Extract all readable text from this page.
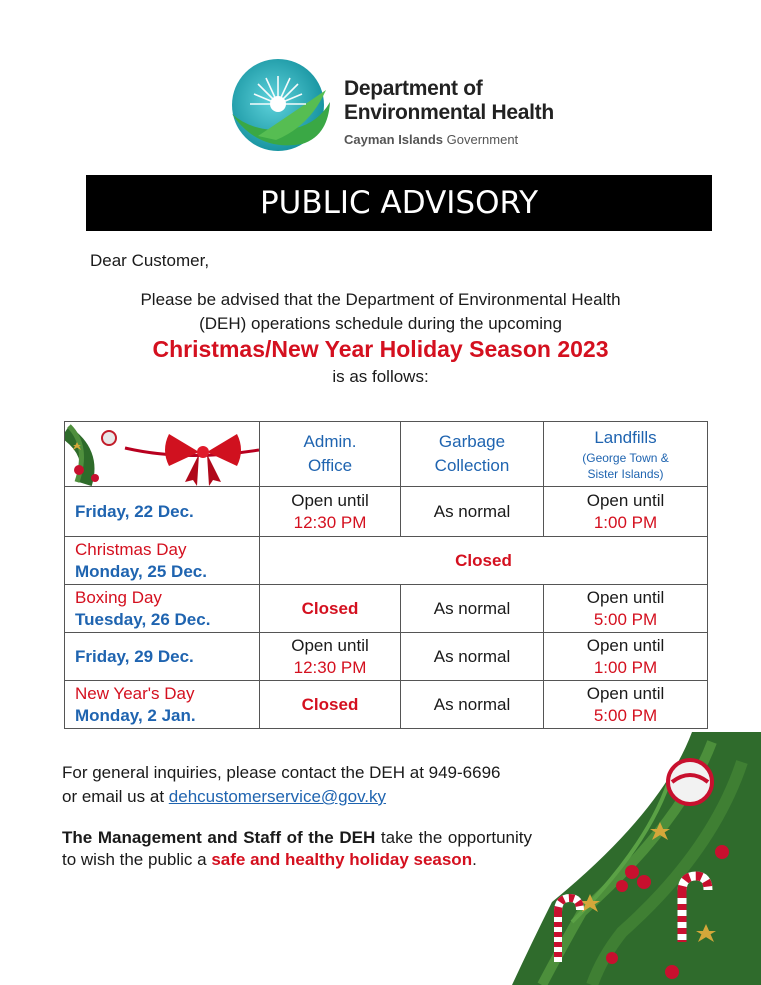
Department of
Environmental Health
Cayman Islands Government
PUBLIC ADVISORY
Dear Customer,
Please be advised that the Department of Environmental Health
(DEH) operations schedule during the upcoming
Christmas/New Year Holiday Season 2023
is as follows:
	Admin.
Office	Garbage
Collection	Landfills
(George Town &
Sister Islands)

Friday, 22 Dec.	Open until
12:30 PM	As normal	Open until
1:00 PM
Christmas Day
Monday, 25 Dec.	Closed		
Boxing Day
Tuesday, 26 Dec.	Closed	As normal	Open until
5:00 PM
Friday, 29 Dec.	Open until
12:30 PM	As normal	Open until
1:00 PM
New Year's Day
Monday, 2 Jan.	Closed	As normal	Open until
5:00 PM
For general inquiries, please contact the DEH at 949-6696
or email us at dehcustomerservice@gov.ky
The Management and Staff of the DEH take the opportunity to wish the public a safe and healthy holiday season.
